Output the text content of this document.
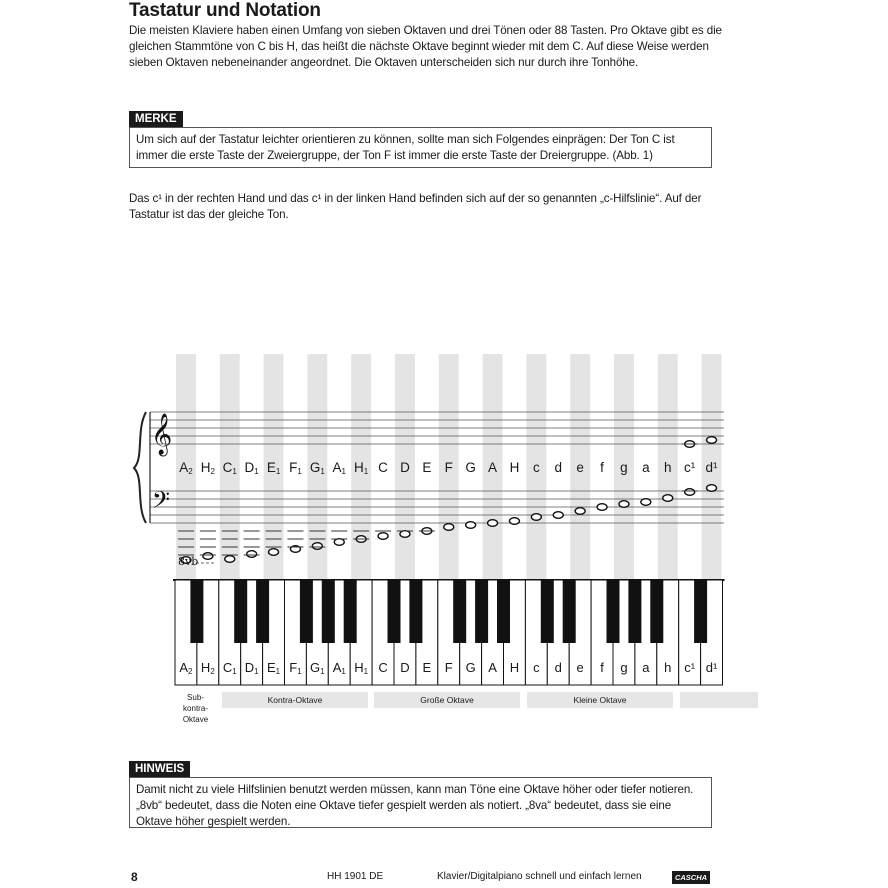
Tastatur und Notation
Die meisten Klaviere haben einen Umfang von sieben Oktaven und drei Tönen oder 88 Tasten. Pro Oktave gibt es die gleichen Stammtöne von C bis H, das heißt die nächste Oktave beginnt wieder mit dem C. Auf diese Weise werden sieben Oktaven nebeneinander angeordnet. Die Oktaven unterscheiden sich nur durch ihre Tonhöhe.
MERKE
Um sich auf der Tastatur leichter orientieren zu können, sollte man sich Folgendes einprägen: Der Ton C ist immer die erste Taste der Zweiergruppe, der Ton F ist immer die erste Taste der Dreiergruppe. (Abb. 1)
Das c¹ in der rechten Hand und das c¹ in der linken Hand befinden sich auf der so genannten „c-Hilfslinie“. Auf der Tastatur ist das der gleiche Ton.
𝄞
𝄢
8vb
$A_2$ $H_2$ $C_1$ $D_1$ $E_1$ $F_1$ $G_1$ $A_1$ $H_1$ C D E F G A H	c	d	e	f	g	a	h c¹ d¹
$A_2$ $H_2$ $C_1$ $D_1$ $E_1$ $F_1$ $G_1$ $A_1$ $H_1$ C D E	F G A H	c	d	e	f	g	a	h c¹ d¹
Sub- kontra- Oktave
Kontra-Oktave	Große Oktave	Kleine Oktave
HINWEIS
Damit nicht zu viele Hilfslinien benutzt werden müssen, kann man Töne eine Oktave höher oder tiefer notieren. „8vb“ bedeutet, dass die Noten eine Oktave tiefer gespielt werden als notiert. „8va“ bedeutet, dass sie eine Oktave höher gespielt werden.
8	HH 1901 DE	Klavier/Digitalpiano schnell und einfach lernen	CASCHA
